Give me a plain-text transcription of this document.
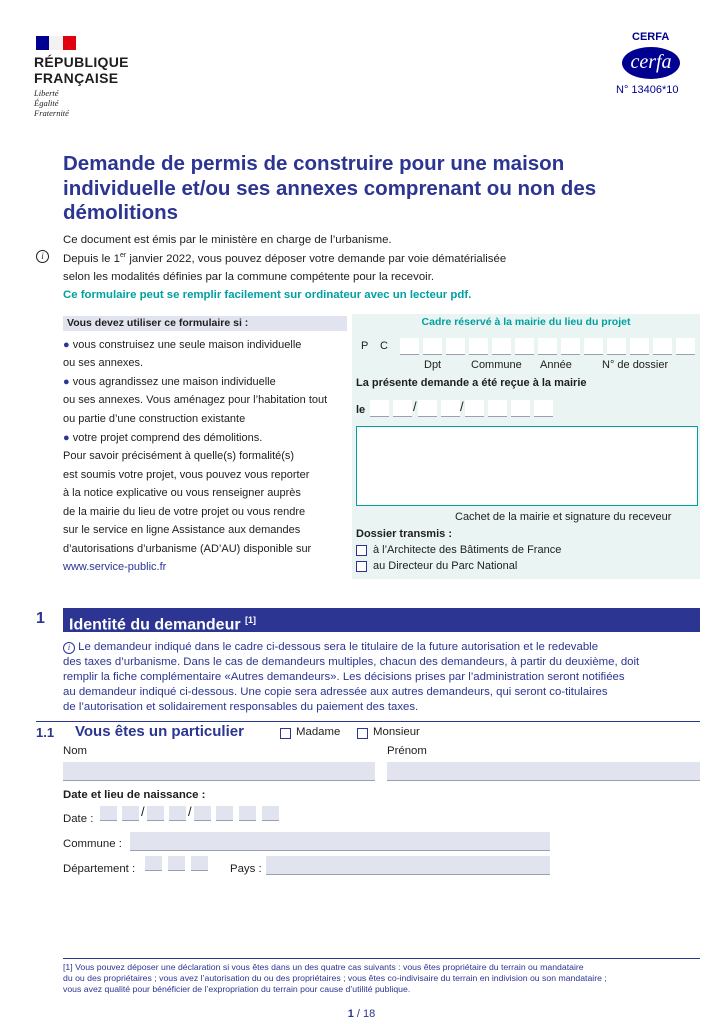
RÉPUBLIQUE
FRANÇAISE
Liberté
Égalité
Fraternité
CERFA
cerfa
N° 13406*10
Demande de permis de construire pour une maison individuelle et/ou ses annexes comprenant ou non des démolitions
Ce document est émis par le ministère en charge de l’urbanisme.
i	Depuis le 1er janvier 2022, vous pouvez déposer votre demande par voie dématérialisée
selon les modalités définies par la commune compétente pour la recevoir.
Ce formulaire peut se remplir facilement sur ordinateur avec un lecteur pdf.
Vous devez utiliser ce formulaire si :
● vous construisez une seule maison individuelle
ou ses annexes.
● vous agrandissez une maison individuelle
ou ses annexes. Vous aménagez pour l’habitation tout
ou partie d’une construction existante
● votre projet comprend des démolitions.
Pour savoir précisément à quelle(s) formalité(s)
est soumis votre projet, vous pouvez vous reporter
à la notice explicative ou vous renseigner auprès
de la mairie du lieu de votre projet ou vous rendre
sur le service en ligne Assistance aux demandes
d’autorisations d’urbanisme (AD’AU) disponible sur
www.service-public.fr
Cadre réservé à la mairie du lieu du projet
P C
Dpt	Commune Année	N° de dossier
La présente demande a été reçue à la mairie
le	/	/
Cachet de la mairie et signature du receveur
Dossier transmis :
à l’Architecte des Bâtiments de France
au Directeur du Parc National
1	Identité du demandeur [1]
i Le demandeur indiqué dans le cadre ci-dessous sera le titulaire de la future autorisation et le redevable
des taxes d’urbanisme. Dans le cas de demandeurs multiples, chacun des demandeurs, à partir du deuxième, doit
remplir la fiche complémentaire «Autres demandeurs». Les décisions prises par l’administration seront notifiées
au demandeur indiqué ci-dessous. Une copie sera adressée aux autres demandeurs, qui seront co-titulaires
de l’autorisation et solidairement responsables du paiement des taxes.
1.1 Vous êtes un particulier	Madame	Monsieur
Nom	Prénom
Date et lieu de naissance :
Date :	/	/
Commune :
Département :	Pays :
[1] Vous pouvez déposer une déclaration si vous êtes dans un des quatre cas suivants : vous êtes propriétaire du terrain ou mandataire
du ou des propriétaires ; vous avez l’autorisation du ou des propriétaires ; vous êtes co-indivisaire du terrain en indivision ou son mandataire ;
vous avez qualité pour bénéficier de l’expropriation du terrain pour cause d’utilité publique.
1 / 18
